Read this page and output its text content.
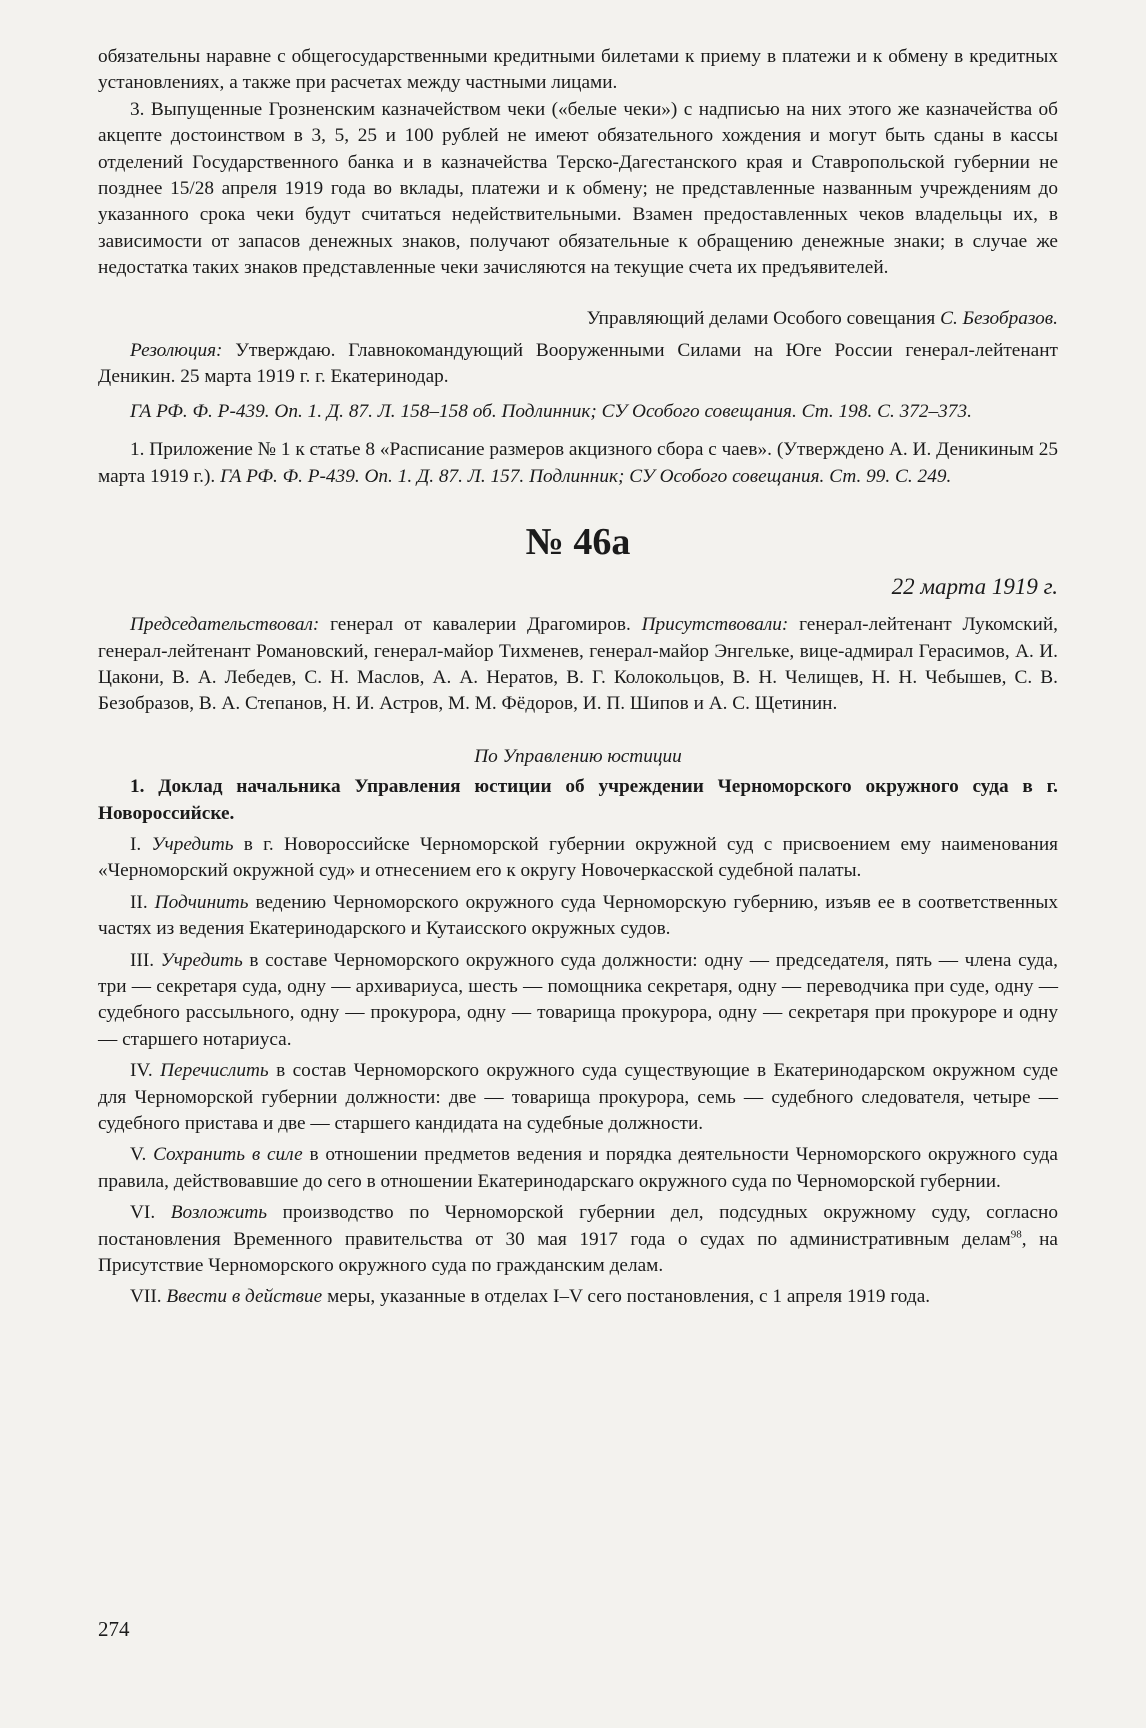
обязательны наравне с общегосударственными кредитными билетами к приему в платежи и к обмену в кредитных установлениях, а также при расчетах между частными лицами.

3. Выпущенные Грозненским казначейством чеки («белые чеки») с надписью на них этого же казначейства об акцепте достоинством в 3, 5, 25 и 100 рублей не имеют обязательного хождения и могут быть сданы в кассы отделений Государственного банка и в казначейства Терско-Дагестанского края и Ставропольской губернии не позднее 15/28 апреля 1919 года во вклады, платежи и к обмену; не представленные названным учреждениям до указанного срока чеки будут считаться недействительными. Взамен предоставленных чеков владельцы их, в зависимости от запасов денежных знаков, получают обязательные к обращению денежные знаки; в случае же недостатка таких знаков представленные чеки зачисляются на текущие счета их предъявителей.

Управляющий делами Особого совещания С. Безобразов.

Резолюция: Утверждаю. Главнокомандующий Вооруженными Силами на Юге России генерал-лейтенант Деникин. 25 марта 1919 г. г. Екатеринодар.

ГА РФ. Ф. Р-439. Оп. 1. Д. 87. Л. 158–158 об. Подлинник; СУ Особого совещания. Ст. 198. С. 372–373.

1. Приложение № 1 к статье 8 «Расписание размеров акцизного сбора с чаев». (Утверждено А. И. Деникиным 25 марта 1919 г.). ГА РФ. Ф. Р-439. Оп. 1. Д. 87. Л. 157. Подлинник; СУ Особого совещания. Ст. 99. С. 249.

№ 46а
22 марта 1919 г.

Председательствовал: генерал от кавалерии Драгомиров. Присутствовали: генерал-лейтенант Лукомский, генерал-лейтенант Романовский, генерал-майор Тихменев, генерал-майор Энгельке, вице-адмирал Герасимов, А. И. Цакони, В. А. Лебедев, С. Н. Маслов, А. А. Нератов, В. Г. Колокольцов, В. Н. Челищев, Н. Н. Чебышев, С. В. Безобразов, В. А. Степанов, Н. И. Астров, М. М. Фёдоров, И. П. Шипов и А. С. Щетинин.

По Управлению юстиции

1. Доклад начальника Управления юстиции об учреждении Черноморского окружного суда в г. Новороссийске.

I. Учредить в г. Новороссийске Черноморской губернии окружной суд с присвоением ему наименования «Черноморский окружной суд» и отнесением его к округу Новочеркасской судебной палаты.

II. Подчинить ведению Черноморского окружного суда Черноморскую губернию, изъяв ее в соответственных частях из ведения Екатеринодарского и Кутаисского окружных судов.

III. Учредить в составе Черноморского окружного суда должности: одну — председателя, пять — члена суда, три — секретаря суда, одну — архивариуса, шесть — помощника секретаря, одну — переводчика при суде, одну — судебного рассыльного, одну — прокурора, одну — товарища прокурора, одну — секретаря при прокуроре и одну — старшего нотариуса.

IV. Перечислить в состав Черноморского окружного суда существующие в Екатеринодарском окружном суде для Черноморской губернии должности: две — товарища прокурора, семь — судебного следователя, четыре — судебного пристава и две — старшего кандидата на судебные должности.

V. Сохранить в силе в отношении предметов ведения и порядка деятельности Черноморского окружного суда правила, действовавшие до сего в отношении Екатеринодарскаго окружного суда по Черноморской губернии.

VI. Возложить производство по Черноморской губернии дел, подсудных окружному суду, согласно постановления Временного правительства от 30 мая 1917 года о судах по административным делам$^{98}$, на Присутствие Черноморского окружного суда по гражданским делам.

VII. Ввести в действие меры, указанные в отделах I–V сего постановления, с 1 апреля 1919 года.

274
